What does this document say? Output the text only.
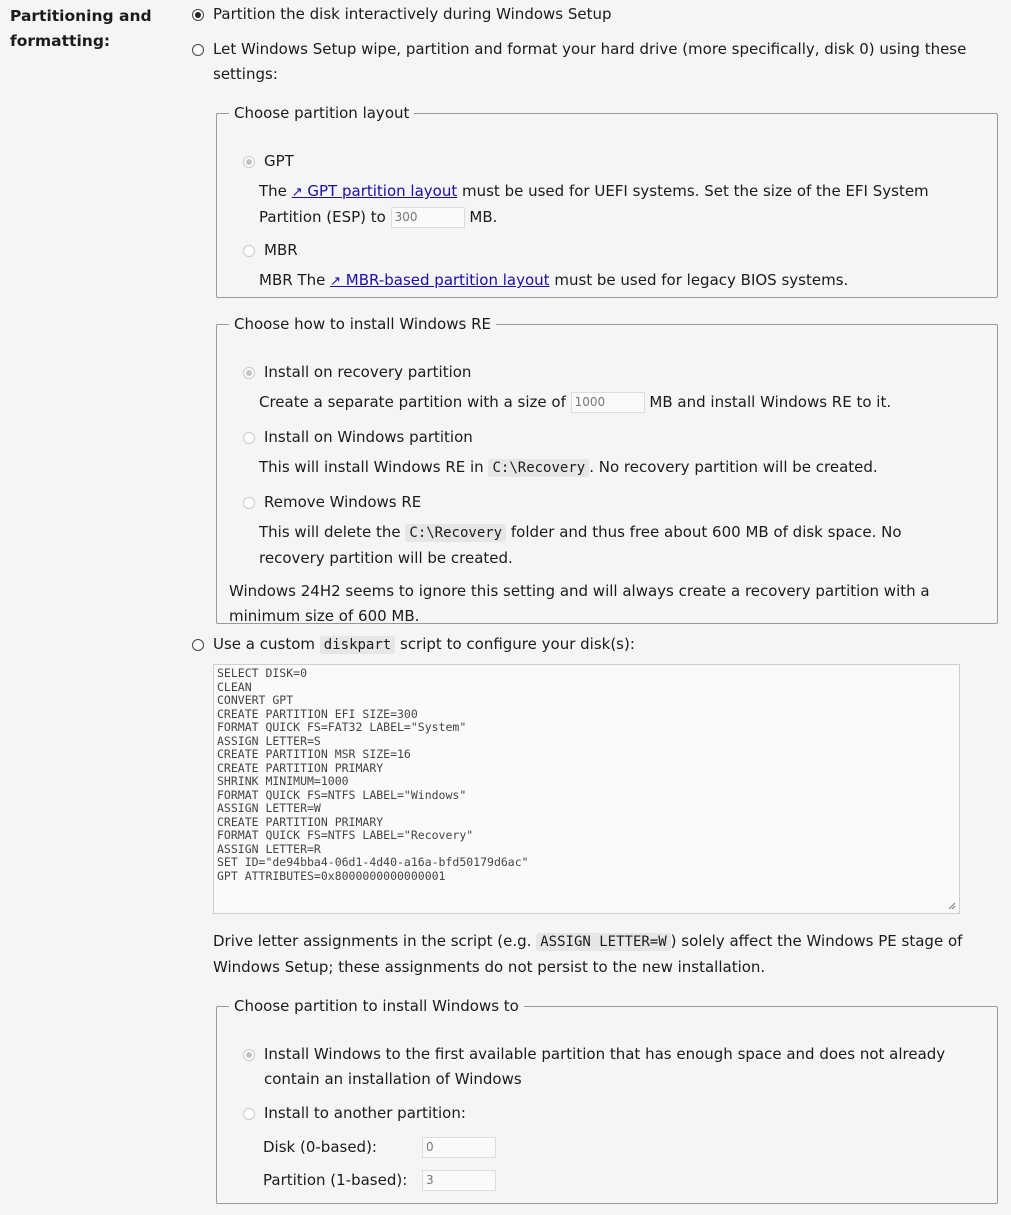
Partitioning and formatting:
Partition the disk interactively during Windows Setup
Let Windows Setup wipe, partition and format your hard drive (more specifically, disk 0) using these settings:
Choose partition layout
GPT
The ↗ GPT partition layout must be used for UEFI systems. Set the size of the EFI System Partition (ESP) to 300	MB.
MBR
MBR The ↗ MBR-based partition layout must be used for legacy BIOS systems.
Choose how to install Windows RE
Install on recovery partition
Create a separate partition with a size of 1000	MB and install Windows RE to it.
Install on Windows partition
This will install Windows RE in C:\Recovery . No recovery partition will be created.
Remove Windows RE
This will delete the C:\Recovery folder and thus free about 600 MB of disk space. No recovery partition will be created.
Windows 24H2 seems to ignore this setting and will always create a recovery partition with a minimum size of 600 MB.
Use a custom diskpart script to configure your disk(s):
SELECT DISK=0
CLEAN
CONVERT GPT
CREATE PARTITION EFI SIZE=300
FORMAT QUICK FS=FAT32 LABEL="System"
ASSIGN LETTER=S
CREATE PARTITION MSR SIZE=16
CREATE PARTITION PRIMARY
SHRINK MINIMUM=1000
FORMAT QUICK FS=NTFS LABEL="Windows"
ASSIGN LETTER=W
CREATE PARTITION PRIMARY
FORMAT QUICK FS=NTFS LABEL="Recovery"
ASSIGN LETTER=R
SET ID="de94bba4-06d1-4d40-a16a-bfd50179d6ac"
GPT ATTRIBUTES=0x8000000000000001
Drive letter assignments in the script (e.g. ASSIGN LETTER=W ) solely affect the Windows PE stage of Windows Setup; these assignments do not persist to the new installation.
Choose partition to install Windows to
Install Windows to the first available partition that has enough space and does not already contain an installation of Windows
Install to another partition:
Disk (0-based):	0
Partition (1-based):	3
